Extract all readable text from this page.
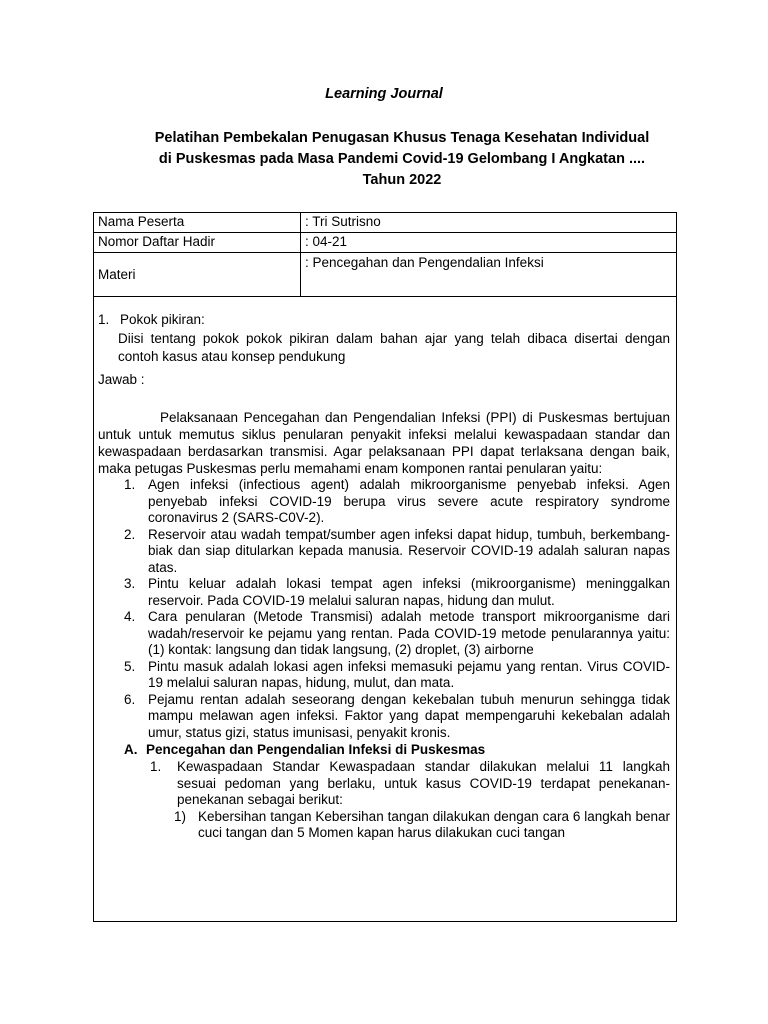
Learning Journal
Pelatihan Pembekalan Penugasan Khusus Tenaga Kesehatan Individual
di Puskesmas pada Masa Pandemi Covid-19 Gelombang I Angkatan ....
Tahun 2022
Nama Peserta	: Tri Sutrisno
Nomor Daftar Hadir	: 04-21
Materi	: Pencegahan dan Pengendalian Infeksi
1. Pokok pikiran:
Diisi tentang pokok pokok pikiran dalam bahan ajar yang telah dibaca disertai dengan contoh kasus atau konsep pendukung
Jawab :

Pelaksanaan Pencegahan dan Pengendalian Infeksi (PPI) di Puskesmas bertujuan untuk untuk memutus siklus penularan penyakit infeksi melalui kewaspadaan standar dan kewaspadaan berdasarkan transmisi. Agar pelaksanaan PPI dapat terlaksana dengan baik, maka petugas Puskesmas perlu memahami enam komponen rantai penularan yaitu:

1. Agen infeksi (infectious agent) adalah mikroorganisme penyebab infeksi. Agen penyebab infeksi COVID-19 berupa virus severe acute respiratory syndrome coronavirus 2 (SARS-C0V-2).
2. Reservoir atau wadah tempat/sumber agen infeksi dapat hidup, tumbuh, berkembang-biak dan siap ditularkan kepada manusia. Reservoir COVID-19 adalah saluran napas atas.
3. Pintu keluar adalah lokasi tempat agen infeksi (mikroorganisme) meninggalkan reservoir. Pada COVID-19 melalui saluran napas, hidung dan mulut.
4. Cara penularan (Metode Transmisi) adalah metode transport mikroorganisme dari wadah/reservoir ke pejamu yang rentan. Pada COVID-19 metode penularannya yaitu: (1) kontak: langsung dan tidak langsung, (2) droplet, (3) airborne
5. Pintu masuk adalah lokasi agen infeksi memasuki pejamu yang rentan. Virus COVID-19 melalui saluran napas, hidung, mulut, dan mata.
6. Pejamu rentan adalah seseorang dengan kekebalan tubuh menurun sehingga tidak mampu melawan agen infeksi. Faktor yang dapat mempengaruhi kekebalan adalah umur, status gizi, status imunisasi, penyakit kronis.
A. Pencegahan dan Pengendalian Infeksi di Puskesmas
1. Kewaspadaan Standar Kewaspadaan standar dilakukan melalui 11 langkah sesuai pedoman yang berlaku, untuk kasus COVID-19 terdapat penekanan-penekanan sebagai berikut:
1) Kebersihan tangan Kebersihan tangan dilakukan dengan cara 6 langkah benar cuci tangan dan 5 Momen kapan harus dilakukan cuci tangan
